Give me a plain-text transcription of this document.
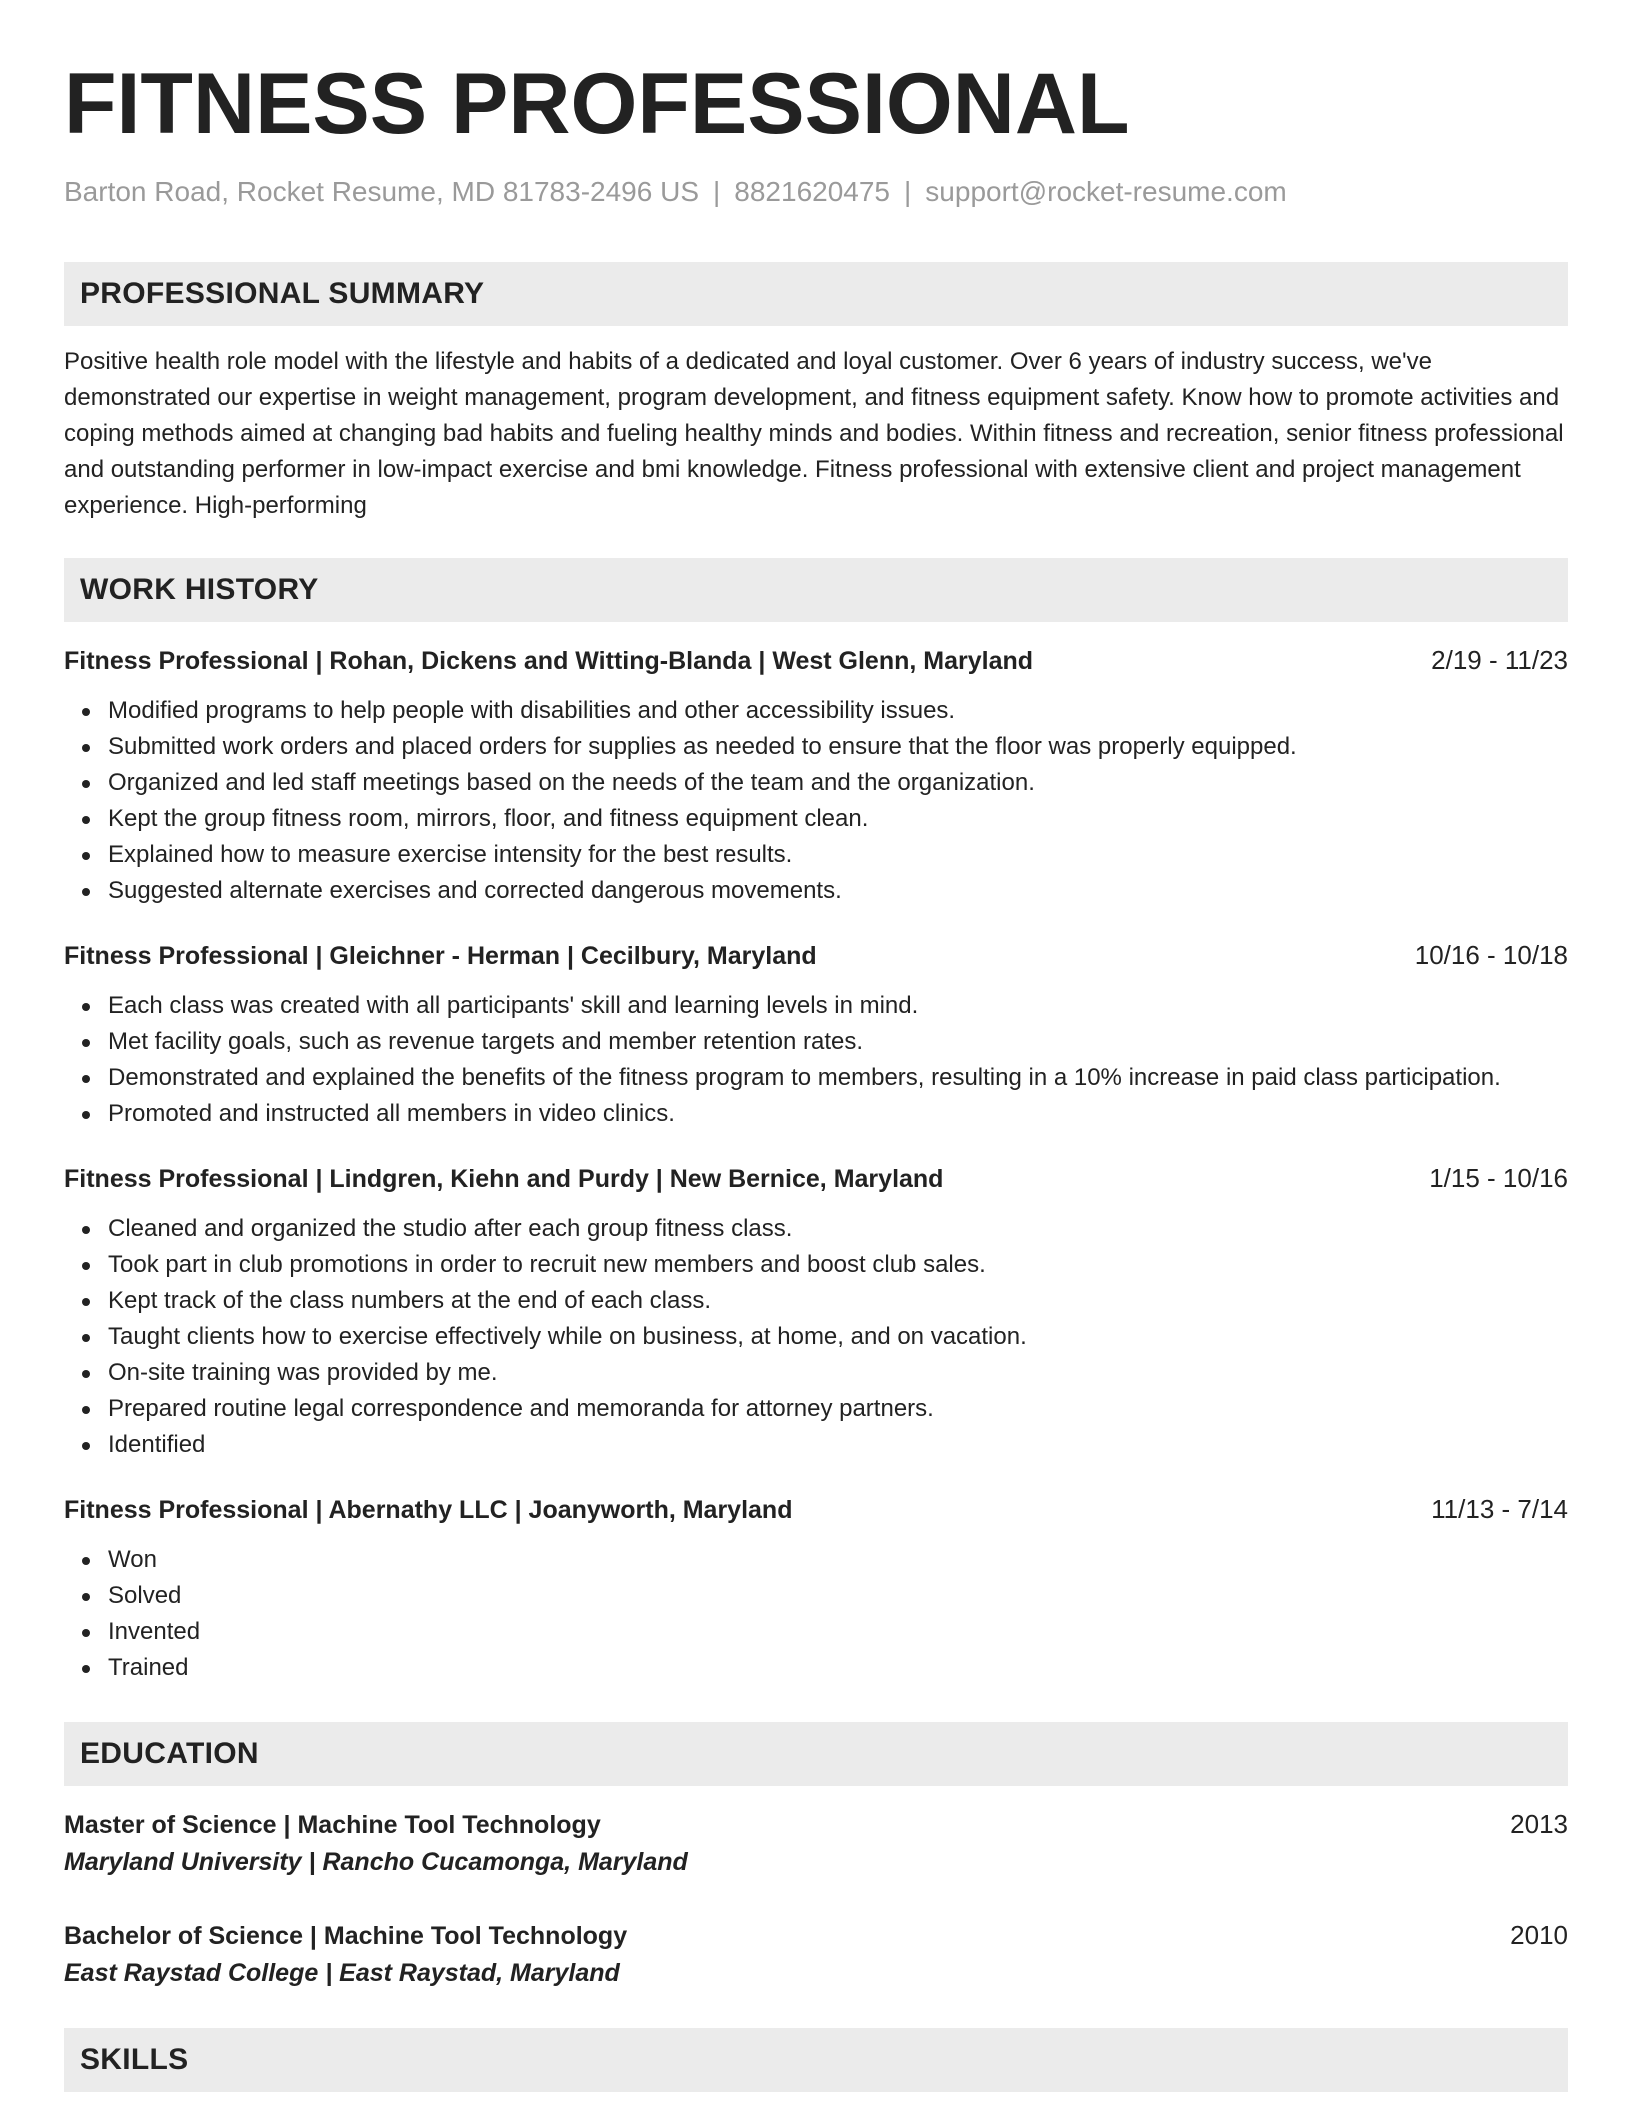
FITNESS PROFESSIONAL
Barton Road, Rocket Resume, MD 81783-2496 US | 8821620475 | support@rocket-resume.com
PROFESSIONAL SUMMARY
Positive health role model with the lifestyle and habits of a dedicated and loyal customer. Over 6 years of industry success, we've demonstrated our expertise in weight management, program development, and fitness equipment safety. Know how to promote activities and coping methods aimed at changing bad habits and fueling healthy minds and bodies. Within fitness and recreation, senior fitness professional and outstanding performer in low-impact exercise and bmi knowledge. Fitness professional with extensive client and project management experience. High-performing
WORK HISTORY
Fitness Professional | Rohan, Dickens and Witting-Blanda | West Glenn, Maryland	2/19 - 11/23
Modified programs to help people with disabilities and other accessibility issues.
Submitted work orders and placed orders for supplies as needed to ensure that the floor was properly equipped.
Organized and led staff meetings based on the needs of the team and the organization.
Kept the group fitness room, mirrors, floor, and fitness equipment clean.
Explained how to measure exercise intensity for the best results.
Suggested alternate exercises and corrected dangerous movements.
Fitness Professional | Gleichner - Herman | Cecilbury, Maryland	10/16 - 10/18
Each class was created with all participants' skill and learning levels in mind.
Met facility goals, such as revenue targets and member retention rates.
Demonstrated and explained the benefits of the fitness program to members, resulting in a 10% increase in paid class participation.
Promoted and instructed all members in video clinics.
Fitness Professional | Lindgren, Kiehn and Purdy | New Bernice, Maryland	1/15 - 10/16
Cleaned and organized the studio after each group fitness class.
Took part in club promotions in order to recruit new members and boost club sales.
Kept track of the class numbers at the end of each class.
Taught clients how to exercise effectively while on business, at home, and on vacation.
On-site training was provided by me.
Prepared routine legal correspondence and memoranda for attorney partners.
Identified
Fitness Professional | Abernathy LLC | Joanyworth, Maryland	11/13 - 7/14
Won
Solved
Invented
Trained
EDUCATION
Master of Science | Machine Tool Technology	2013
Maryland University | Rancho Cucamonga, Maryland
Bachelor of Science | Machine Tool Technology	2010
East Raystad College | East Raystad, Maryland
SKILLS
